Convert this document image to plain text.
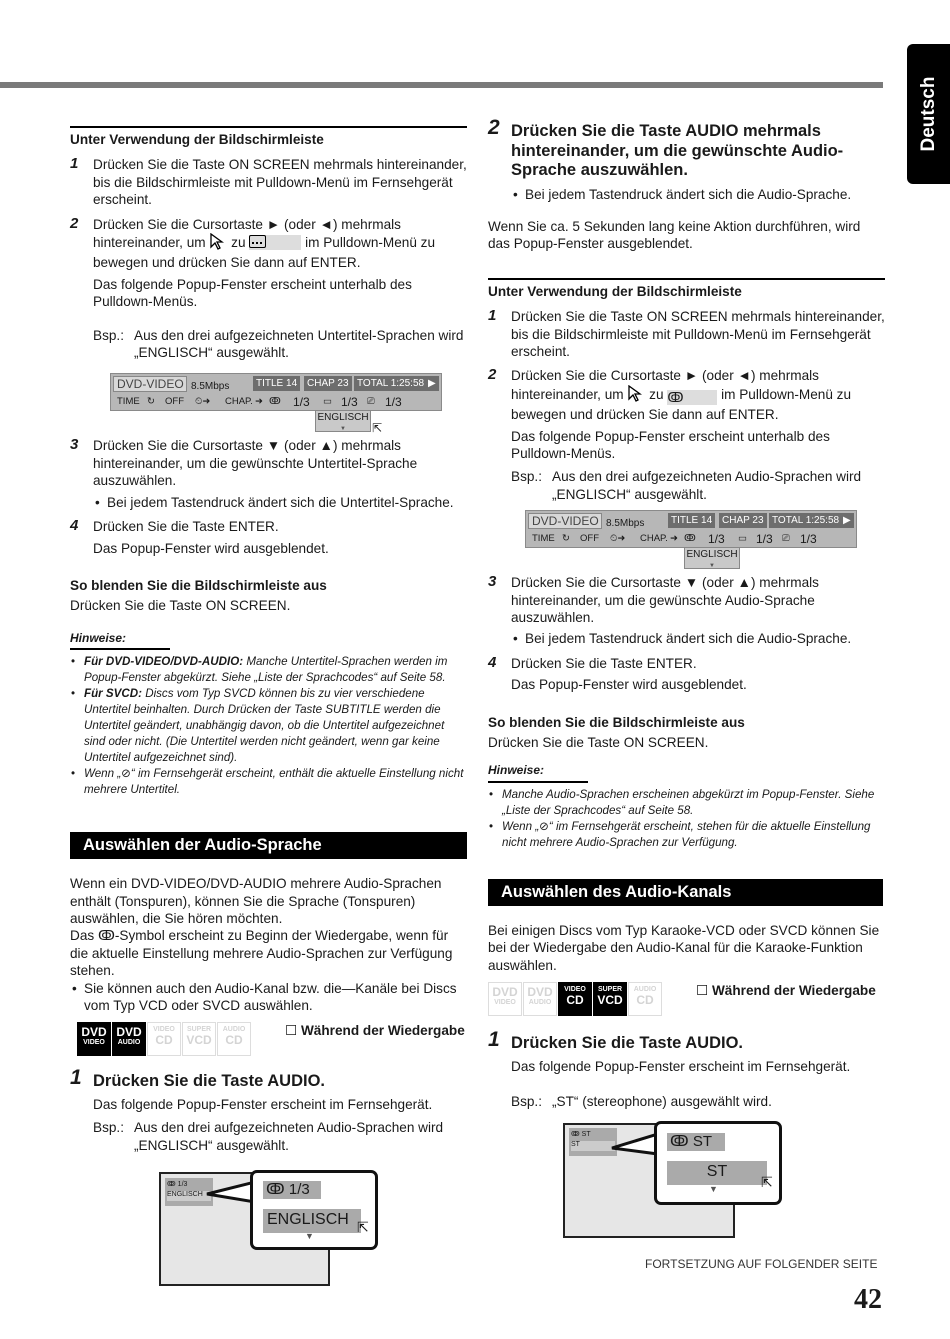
Deutsch
Unter Verwendung der Bildschirmleiste
1 Drücken Sie die Taste ON SCREEN mehrmals hintereinander, bis die Bildschirmleiste mit Pulldown-Menü im Fernsehgerät erscheint.
2 Drücken Sie die Cursortaste ► (oder ◄) mehrmals hintereinander, um zu	im Pulldown-Menü zu bewegen und drücken Sie dann auf ENTER.

Das folgende Popup-Fenster erscheint unterhalb des Pulldown-Menüs.

Bsp.: Aus den drei aufgezeichneten Untertitel-Sprachen wird „ENGLISCH“ ausgewählt.
DVD-VIDEO 8.5Mbps	TITLE 14 CHAP 23 TOTAL 1:25:58 ▶
TIME ↻ OFF ⏲➜ CHAP. ➜ ↂ 1/3 ▭ 1/3 ⎚ 1/3
ENGLISCH ▼
⇱
3 Drücken Sie die Cursortaste ▼ (oder ▲) mehrmals hintereinander, um die gewünschte Untertitel-Sprache auszuwählen.
• Bei jedem Tastendruck ändert sich die Untertitel-Sprache.
4 Drücken Sie die Taste ENTER.

Das Popup-Fenster wird ausgeblendet.

So blenden Sie die Bildschirmleiste aus
Drücken Sie die Taste ON SCREEN.
Hinweise:
• Für DVD-VIDEO/DVD-AUDIO: Manche Untertitel-Sprachen werden im Popup-Fenster abgekürzt. Siehe „Liste der Sprachcodes“ auf Seite 58.
• Für SVCD: Discs vom Typ SVCD können bis zu vier verschiedene Untertitel beinhalten. Durch Drücken der Taste SUBTITLE werden die Untertitel geändert, unabhängig davon, ob die Untertitel aufgezeichnet sind oder nicht. (Die Untertitel werden nicht geändert, wenn gar keine Untertitel aufgezeichnet sind).
• Wenn „⊘“ im Fernsehgerät erscheint, enthält die aktuelle Einstellung nicht mehrere Untertitel.
Auswählen der Audio-Sprache
Wenn ein DVD-VIDEO/DVD-AUDIO mehrere Audio-Sprachen enthält (Tonspuren), können Sie die Sprache (Tonspuren) auswählen, die Sie hören möchten.
Das ↂ-Symbol erscheint zu Beginn der Wiedergabe, wenn für die aktuelle Einstellung mehrere Audio-Sprachen zur Verfügung stehen.
• Sie können auch den Audio-Kanal bzw. die—Kanäle bei Discs vom Typ VCD oder SVCD auswählen.
DVD
VIDEO
DVD
AUDIO
VIDEO
CD
SUPER
VCD
AUDIO
CD
☐ Während der Wiedergabe
1 Drücken Sie die Taste AUDIO.

Das folgende Popup-Fenster erscheint im Fernsehgerät.

Bsp.: Aus den drei aufgezeichneten Audio-Sprachen wird „ENGLISCH“ ausgewählt.
ↂ 1/3
ENGLISCH	ↂ 1/3
ENGLISCH
▼
⇱
2 Drücken Sie die Taste AUDIO mehrmals hintereinander, um die gewünschte Audio-Sprache auszuwählen.
• Bei jedem Tastendruck ändert sich die Audio-Sprache.
Wenn Sie ca. 5 Sekunden lang keine Aktion durchführen, wird das Popup-Fenster ausgeblendet.
Unter Verwendung der Bildschirmleiste
1 Drücken Sie die Taste ON SCREEN mehrmals hintereinander, bis die Bildschirmleiste mit Pulldown-Menü im Fernsehgerät erscheint.
2 Drücken Sie die Cursortaste ► (oder ◄) mehrmals hintereinander, um zu ↂ	im Pulldown-Menü zu bewegen und drücken Sie dann auf ENTER.

Das folgende Popup-Fenster erscheint unterhalb des Pulldown-Menüs.

Bsp.: Aus den drei aufgezeichneten Audio-Sprachen wird „ENGLISCH“ ausgewählt.
DVD-VIDEO 8.5Mbps	TITLE 14 CHAP 23 TOTAL 1:25:58 ▶
TIME ↻ OFF ⏲➜ CHAP. ➜ ↂ 1/3 ▭ 1/3 ⎚ 1/3
ENGLISCH ▼
3 Drücken Sie die Cursortaste ▼ (oder ▲) mehrmals hintereinander, um die gewünschte Audio-Sprache auszuwählen.
• Bei jedem Tastendruck ändert sich die Audio-Sprache.
4 Drücken Sie die Taste ENTER.

Das Popup-Fenster wird ausgeblendet.

So blenden Sie die Bildschirmleiste aus
Drücken Sie die Taste ON SCREEN.
Hinweise:
• Manche Audio-Sprachen erscheinen abgekürzt im Popup-Fenster. Siehe „Liste der Sprachcodes“ auf Seite 58.
• Wenn „⊘“ im Fernsehgerät erscheint, stehen für die aktuelle Einstellung nicht mehrere Audio-Sprachen zur Verfügung.
Auswählen des Audio-Kanals
Bei einigen Discs vom Typ Karaoke-VCD oder SVCD können Sie bei der Wiedergabe den Audio-Kanal für die Karaoke-Funktion auswählen.
DVD
VIDEO
DVD
AUDIO
VIDEO
CD
SUPER
VCD
AUDIO
CD
☐ Während der Wiedergabe
1 Drücken Sie die Taste AUDIO.

Das folgende Popup-Fenster erscheint im Fernsehgerät.

Bsp.: „ST“ (stereophone) ausgewählt wird.
ↂ ST
ST	ↂ ST
ST
▼	⇱
FORTSETZUNG AUF FOLGENDER SEITE
42
